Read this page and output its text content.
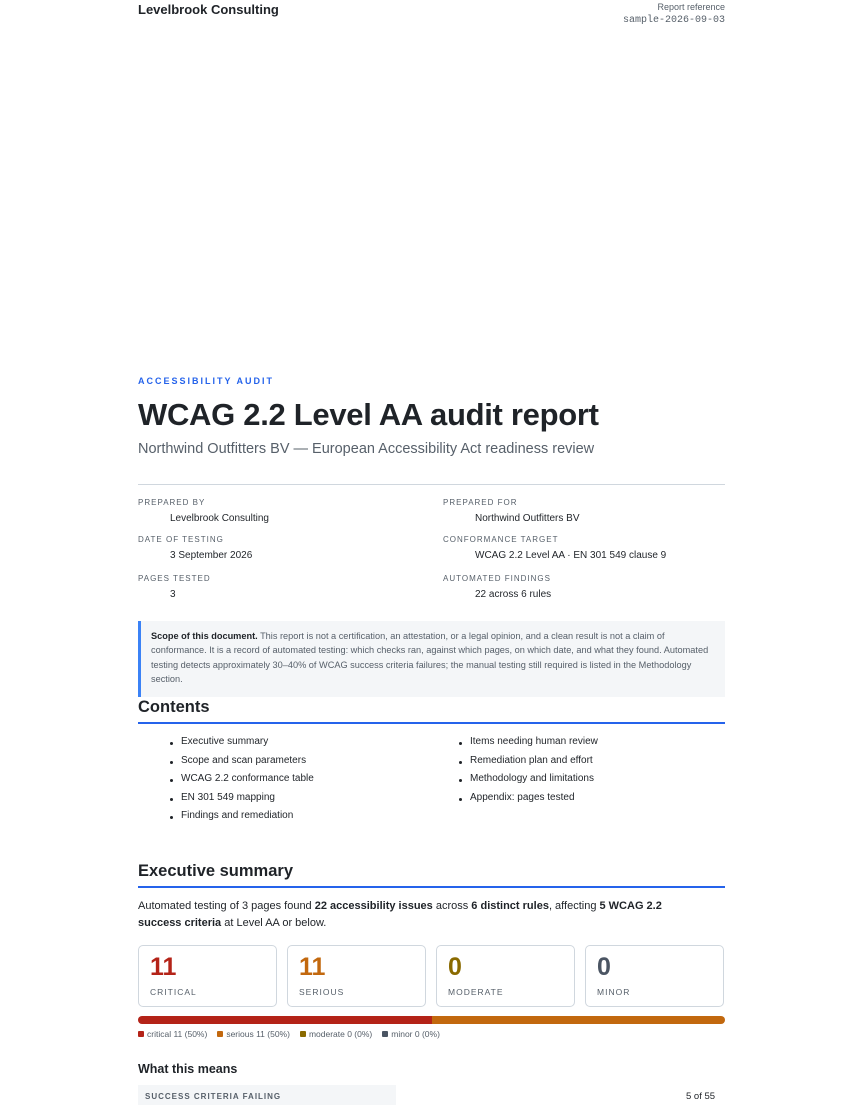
Levelbrook Consulting	Report reference
sample-2026-09-03
ACCESSIBILITY AUDIT
WCAG 2.2 Level AA audit report
Northwind Outfitters BV — European Accessibility Act readiness review
PREPARED BY
Levelbrook Consulting
PREPARED FOR
Northwind Outfitters BV
DATE OF TESTING
3 September 2026
CONFORMANCE TARGET
WCAG 2.2 Level AA · EN 301 549 clause 9
PAGES TESTED
3
AUTOMATED FINDINGS
22 across 6 rules
Scope of this document. This report is not a certification, an attestation, or a legal opinion, and a clean result is not a claim of conformance. It is a record of automated testing: which checks ran, against which pages, on which date, and what they found. Automated testing detects approximately 30–40% of WCAG success criteria failures; the manual testing still required is listed in the Methodology section.
Contents
Executive summary
Scope and scan parameters
WCAG 2.2 conformance table
EN 301 549 mapping
Findings and remediation
Items needing human review
Remediation plan and effort
Methodology and limitations
Appendix: pages tested
Executive summary
Automated testing of 3 pages found 22 accessibility issues across 6 distinct rules, affecting 5 WCAG 2.2 success criteria at Level AA or below.
11
CRITICAL
11
SERIOUS
0
MODERATE
0
MINOR
critical 11 (50%) serious 11 (50%) moderate 0 (0%) minor 0 (0%)
What this means
SUCCESS CRITERIA FAILING	5 of 55
